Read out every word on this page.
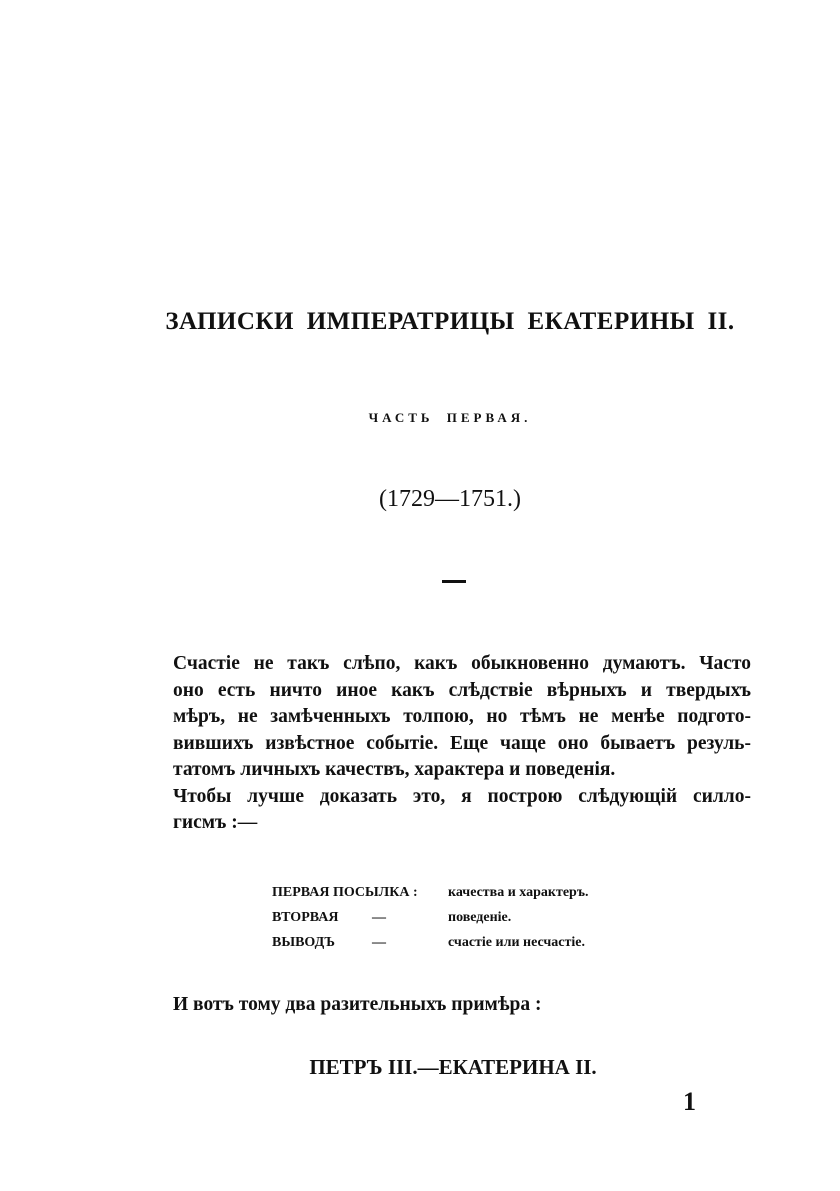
ЗАПИСКИ ИМПЕРАТРИЦЫ ЕКАТЕРИНЫ II.
ЧАСТЬ ПЕРВАЯ.
(1729—1751.)
Счастіе не такъ слѣпо, какъ обыкновенно думаютъ. Часто
оно есть ничто иное какъ слѣдствіе вѣрныхъ и твердыхъ
мѣръ, не замѣченныхъ толпою, но тѣмъ не менѣе подгото-
вившихъ извѣстное событіе. Еще чаще оно бываетъ резуль-
татомъ личныхъ качествъ, характера и поведенія.
Чтобы лучше доказать это, я построю слѣдующій силло-
гисмъ :—
ПЕРВАЯ ПОСЫЛКА :	качества и характеръ.
ВТОРВАЯ	—	поведеніе.
ВЫВОДЪ	—	счастіе или несчастіе.
И вотъ тому два разительныхъ примѣра :
ПЕТРЪ III.—ЕКАТЕРИНА II.
1
